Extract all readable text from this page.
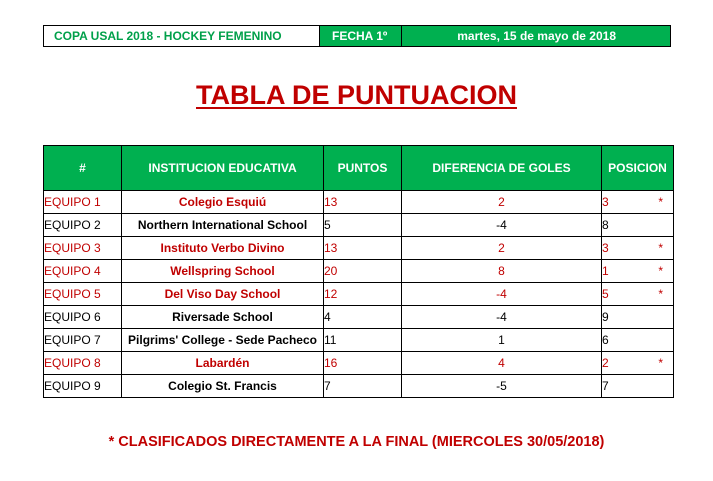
COPA USAL 2018 - HOCKEY FEMENINO	FECHA 1º	martes, 15 de mayo de 2018
TABLA DE PUNTUACION
#	INSTITUCION EDUCATIVA	PUNTOS	DIFERENCIA DE GOLES	POSICION
EQUIPO 1	Colegio Esquiú	13	2	3 *

EQUIPO 2	Northern International School	5	-4	8

EQUIPO 3	Instituto Verbo Divino	13	2	3 *

EQUIPO 4	Wellspring School	20	8	1 *

EQUIPO 5	Del Viso Day School	12	-4	5 *

EQUIPO 6	Riversade School	4	-4	9

EQUIPO 7	Pilgrims' College - Sede Pacheco	11	1	6

EQUIPO 8	Labardén	16	4	2 *

EQUIPO 9	Colegio St. Francis	7	-5	7
* CLASIFICADOS DIRECTAMENTE A LA FINAL (MIERCOLES 30/05/2018)
